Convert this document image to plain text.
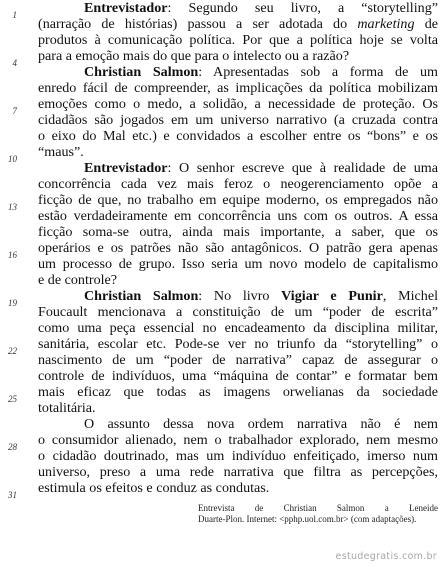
1
4
7
10
13
16
19
22
25
28
31
Entrevistador: Segundo seu livro, a “storytelling”
(narração de histórias) passou a ser adotada do marketing de
produtos à comunicação política. Por que a política hoje se volta
para a emoção mais do que para o intelecto ou a razão?
Christian Salmon: Apresentadas sob a forma de um
enredo fácil de compreender, as implicações da política mobilizam
emoções como o medo, a solidão, a necessidade de proteção. Os
cidadãos são jogados em um universo narrativo (a cruzada contra
o eixo do Mal etc.) e convidados a escolher entre os “bons” e os
“maus”.
Entrevistador: O senhor escreve que à realidade de uma
concorrência cada vez mais feroz o neogerenciamento opõe a
ficção de que, no trabalho em equipe moderno, os empregados não
estão verdadeiramente em concorrência uns com os outros. A essa
ficção soma-se outra, ainda mais importante, a saber, que os
operários e os patrões não são antagônicos. O patrão gera apenas
um processo de grupo. Isso seria um novo modelo de capitalismo
e de controle?
Christian Salmon: No livro Vigiar e Punir, Michel
Foucault mencionava a constituição de um “poder de escrita”
como uma peça essencial no encadeamento da disciplina militar,
sanitária, escolar etc. Pode-se ver no triunfo da “storytelling” o
nascimento de um “poder de narrativa” capaz de assegurar o
controle de indivíduos, uma “máquina de contar” e formatar bem
mais eficaz que todas as imagens orwelianas da sociedade
totalitária.
O assunto dessa nova ordem narrativa não é nem
o consumidor alienado, nem o trabalhador explorado, nem mesmo
o cidadão doutrinado, mas um indivíduo enfeitiçado, imerso num
universo, preso a uma rede narrativa que filtra as percepções,
estimula os efeitos e conduz as condutas.
Entrevista de Christian Salmon a Leneide
Duarte-Plon. Internet: <pphp.uol.com.br> (com adaptações).
estudegratis.com.br
